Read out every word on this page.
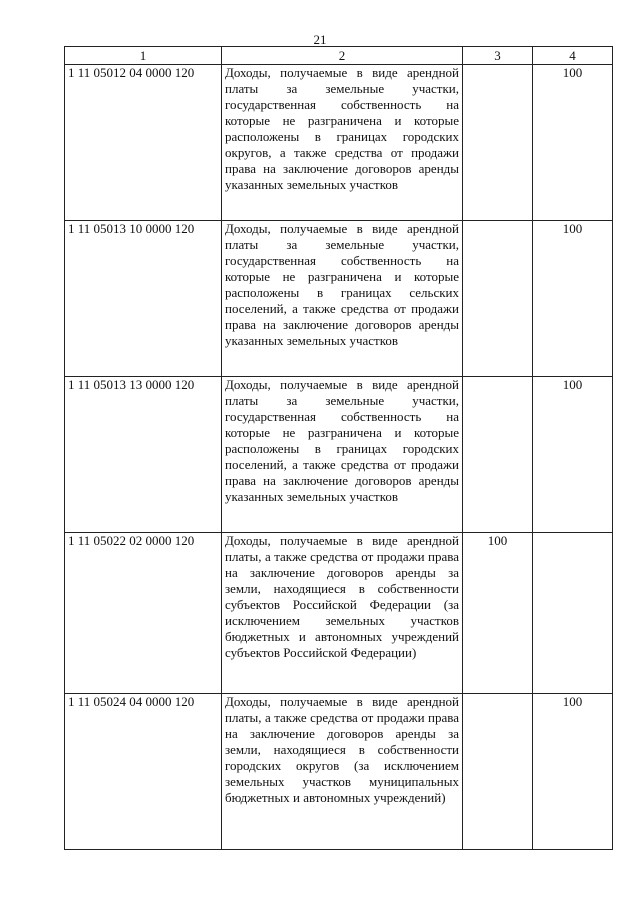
21
1	2	3	4
1 11 05012 04 0000 120	Доходы, получаемые в виде арендной платы за земельные участки, государственная собственность на которые не разграничена и которые расположены в границах городских округов, а также средства от продажи права на заключение договоров аренды указанных земельных участков		100
1 11 05013 10 0000 120	Доходы, получаемые в виде арендной платы за земельные участки, государственная собственность на которые не разграничена и которые расположены в границах сельских поселений, а также средства от продажи права на заключение договоров аренды указанных земельных участков		100
1 11 05013 13 0000 120	Доходы, получаемые в виде арендной платы за земельные участки, государственная собственность на которые не разграничена и которые расположены в границах городских поселений, а также средства от продажи права на заключение договоров аренды указанных земельных участков		100
1 11 05022 02 0000 120	Доходы, получаемые в виде арендной платы, а также средства от продажи права на заключение договоров аренды за земли, находящиеся в собственности субъектов Российской Федерации (за исключением земельных участков бюджетных и автономных учреждений субъектов Российской Федерации)	100	
1 11 05024 04 0000 120	Доходы, получаемые в виде арендной платы, а также средства от продажи права на заключение договоров аренды за земли, находящиеся в собственности городских округов (за исключением земельных участков муниципальных бюджетных и автономных учреждений)		100
